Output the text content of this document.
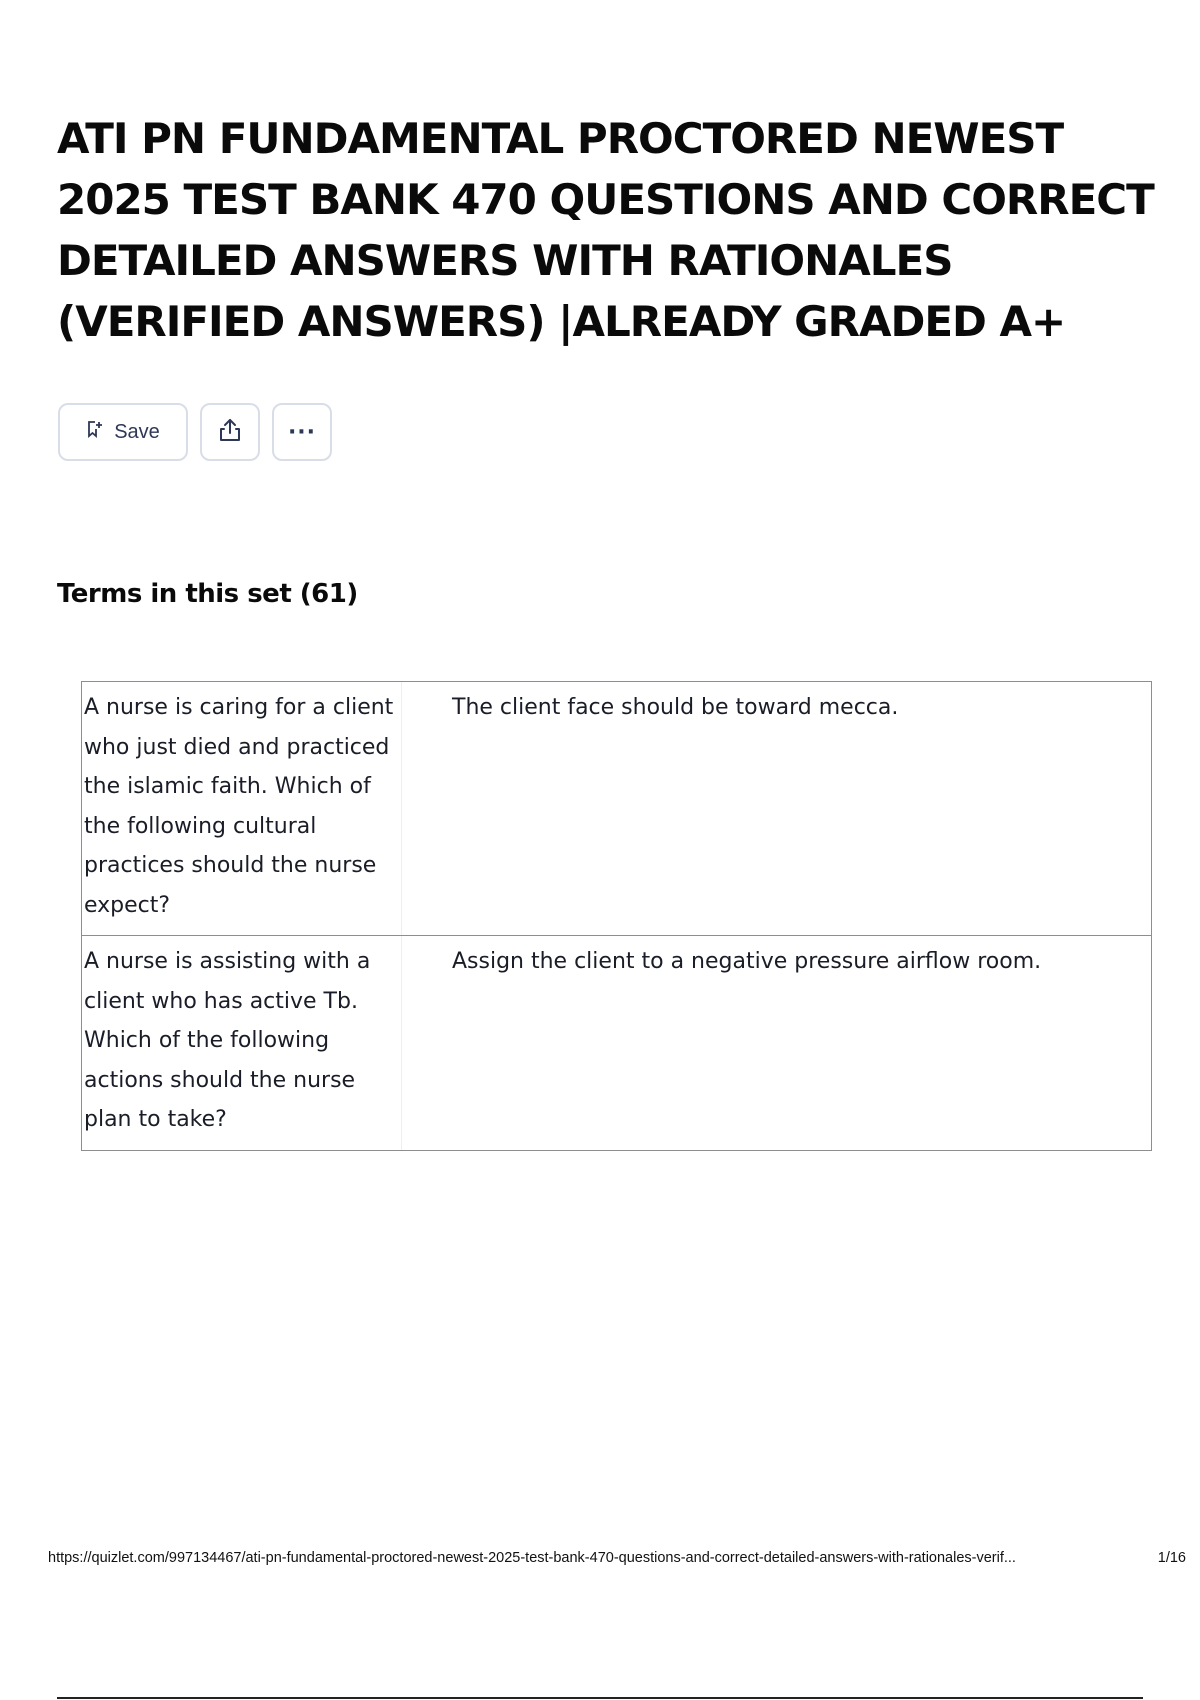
ATI PN FUNDAMENTAL PROCTORED NEWEST 2025 TEST BANK 470 QUESTIONS AND CORRECT DETAILED ANSWERS WITH RATIONALES (VERIFIED ANSWERS) |ALREADY GRADED A+
Save	···
Terms in this set (61)
A nurse is caring for a client who just died and practiced the islamic faith. Which of the following cultural practices should the nurse expect?
The client face should be toward mecca.
A nurse is assisting with a client who has active Tb. Which of the following actions should the nurse plan to take?
Assign the client to a negative pressure airflow room.
https://quizlet.com/997134467/ati-pn-fundamental-proctored-newest-2025-test-bank-470-questions-and-correct-detailed-answers-with-rationales-verif...	1/16
